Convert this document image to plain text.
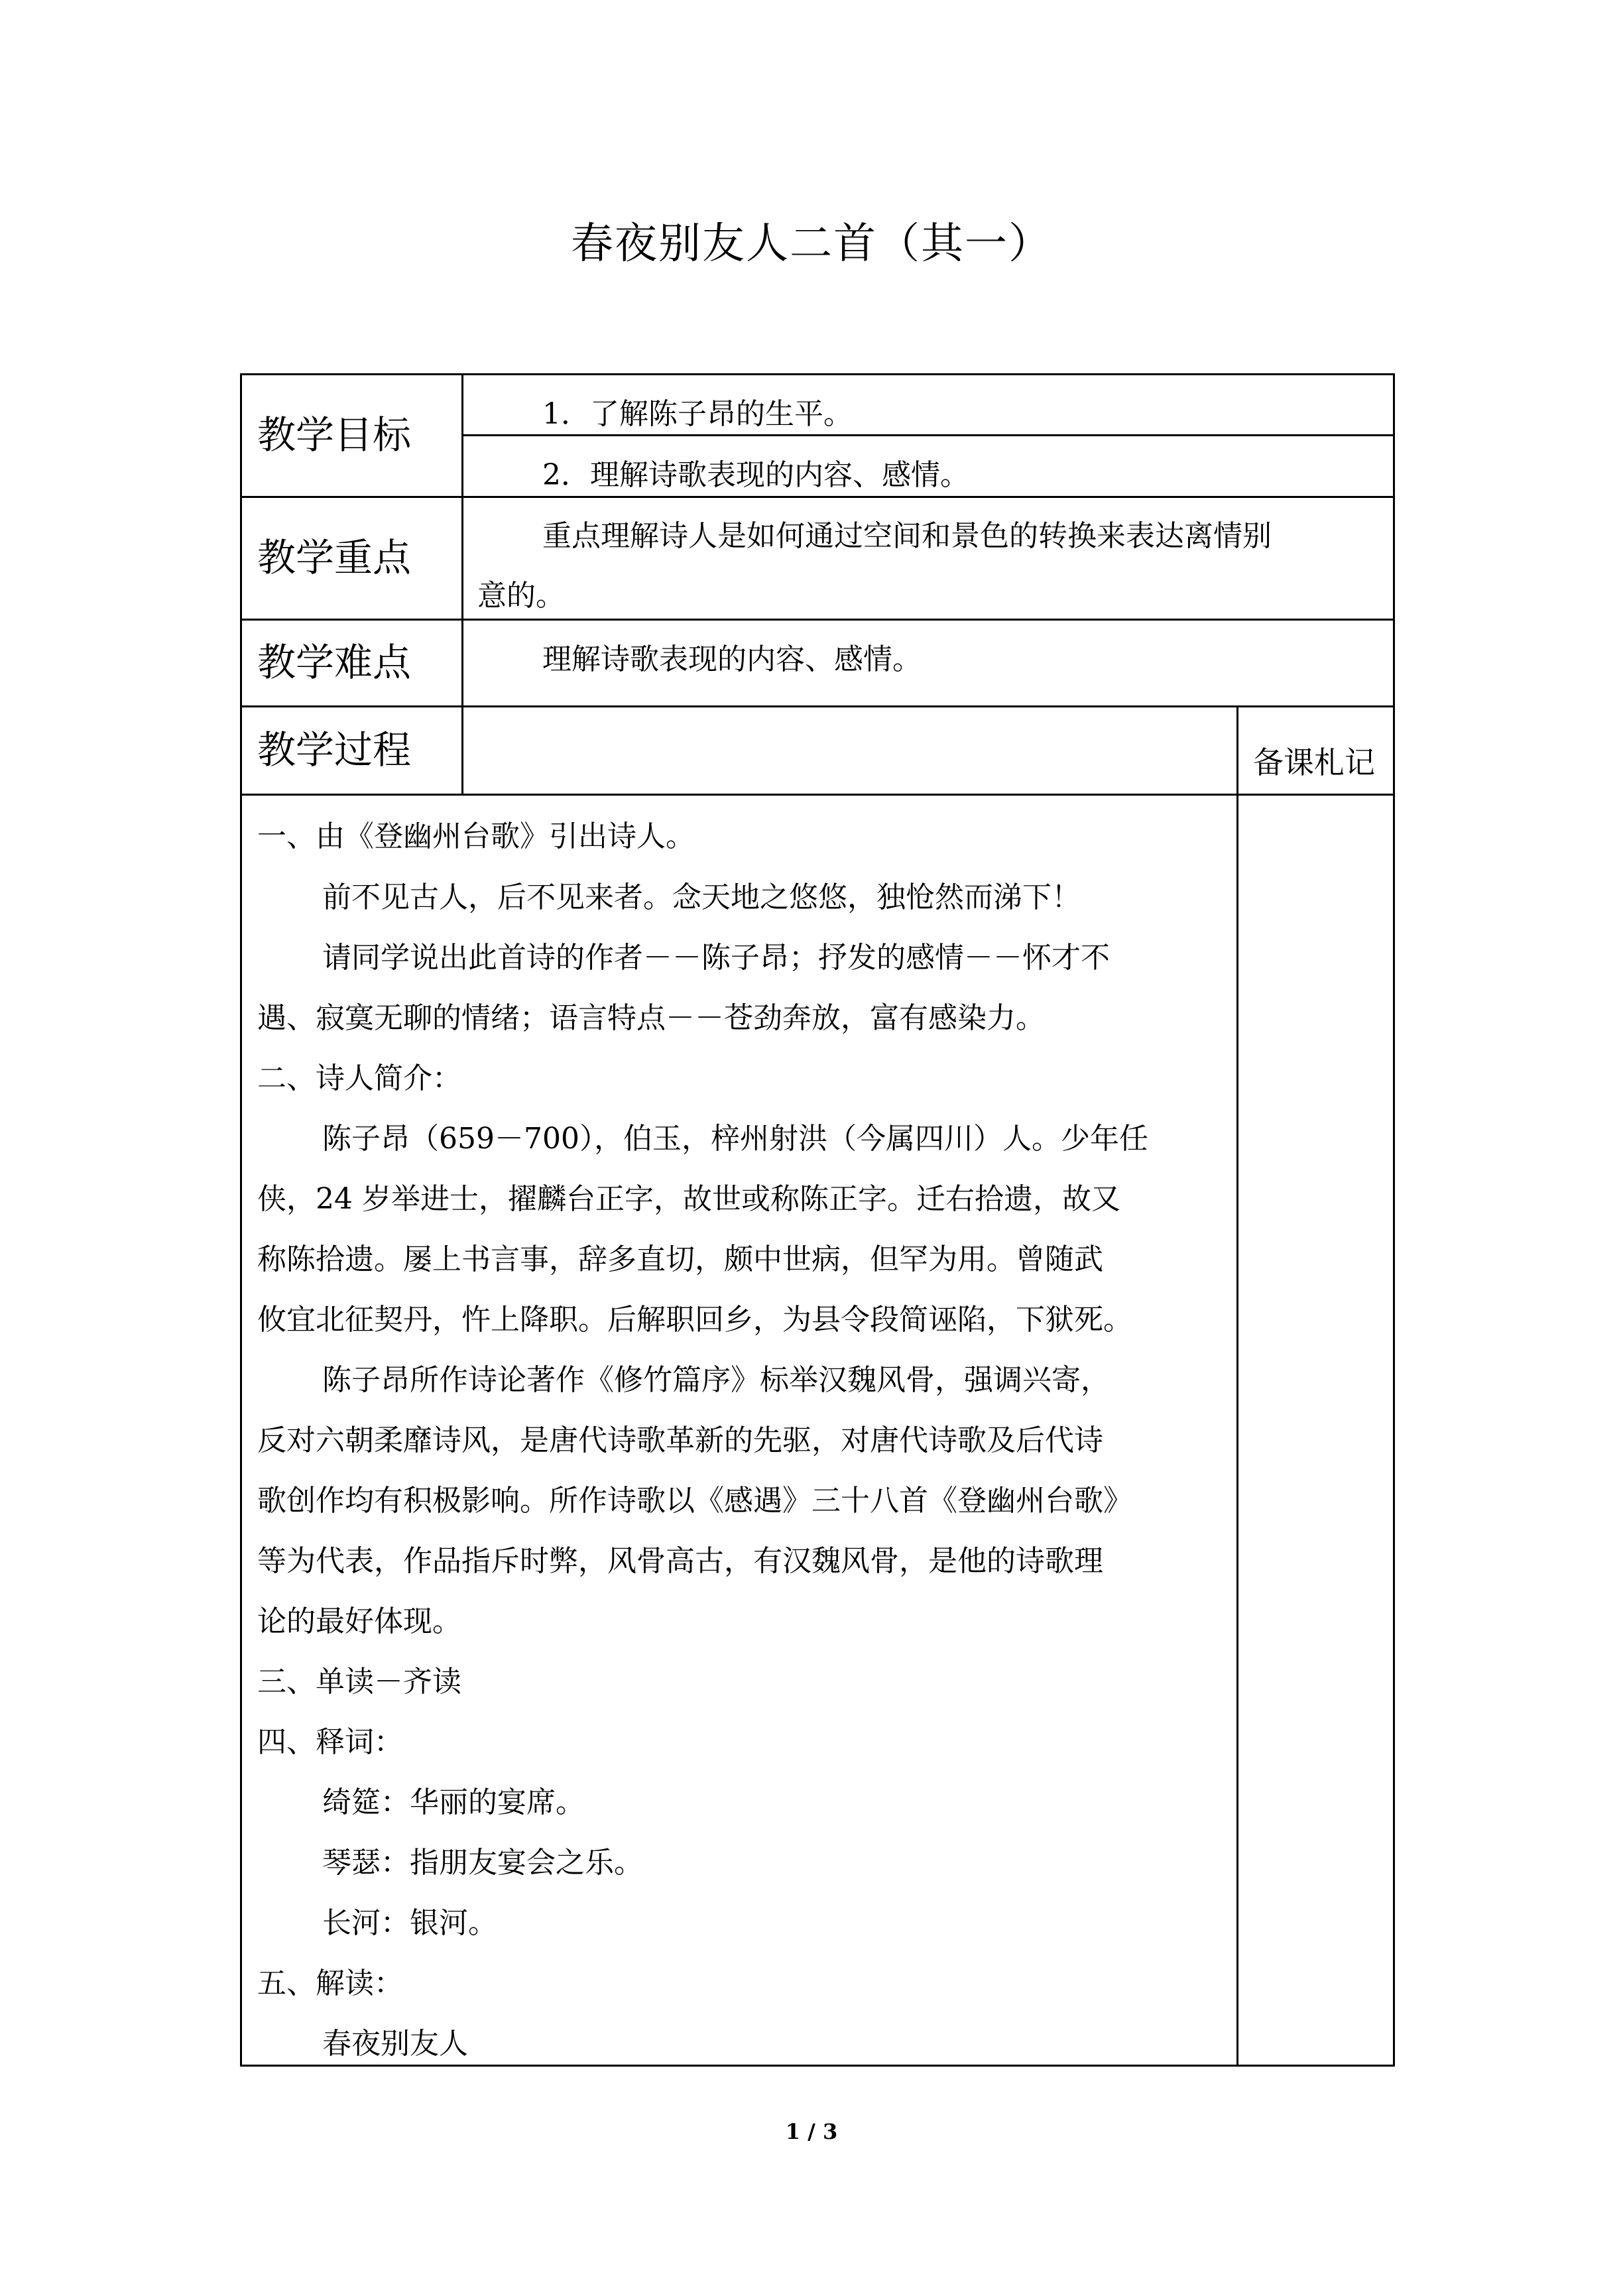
春夜别友人二首（其一）
教学目标
教学重点
教学难点
教学过程
1．了解陈子昂的生平。
2．理解诗歌表现的内容、感情。
重点理解诗人是如何通过空间和景色的转换来表达离情别
意的。
理解诗歌表现的内容、感情。
备课札记
一、由《登幽州台歌》引出诗人。
前不见古人，后不见来者。念天地之悠悠，独怆然而涕下！
请同学说出此首诗的作者－－陈子昂；抒发的感情－－怀才不
遇、寂寞无聊的情绪；语言特点－－苍劲奔放，富有感染力。
二、诗人简介：
陈子昂（659－700），伯玉，梓州射洪（今属四川）人。少年任
侠，24 岁举进士，擢麟台正字，故世或称陈正字。迁右拾遗，故又
称陈拾遗。屡上书言事，辞多直切，颇中世病，但罕为用。曾随武
攸宜北征契丹，忤上降职。后解职回乡，为县令段简诬陷，下狱死。
陈子昂所作诗论著作《修竹篇序》标举汉魏风骨，强调兴寄，
反对六朝柔靡诗风，是唐代诗歌革新的先驱，对唐代诗歌及后代诗
歌创作均有积极影响。所作诗歌以《感遇》三十八首《登幽州台歌》
等为代表，作品指斥时弊，风骨高古，有汉魏风骨，是他的诗歌理
论的最好体现。
三、单读－齐读
四、释词：
绮筵：华丽的宴席。
琴瑟：指朋友宴会之乐。
长河：银河。
五、解读：
春夜别友人
1 / 3
